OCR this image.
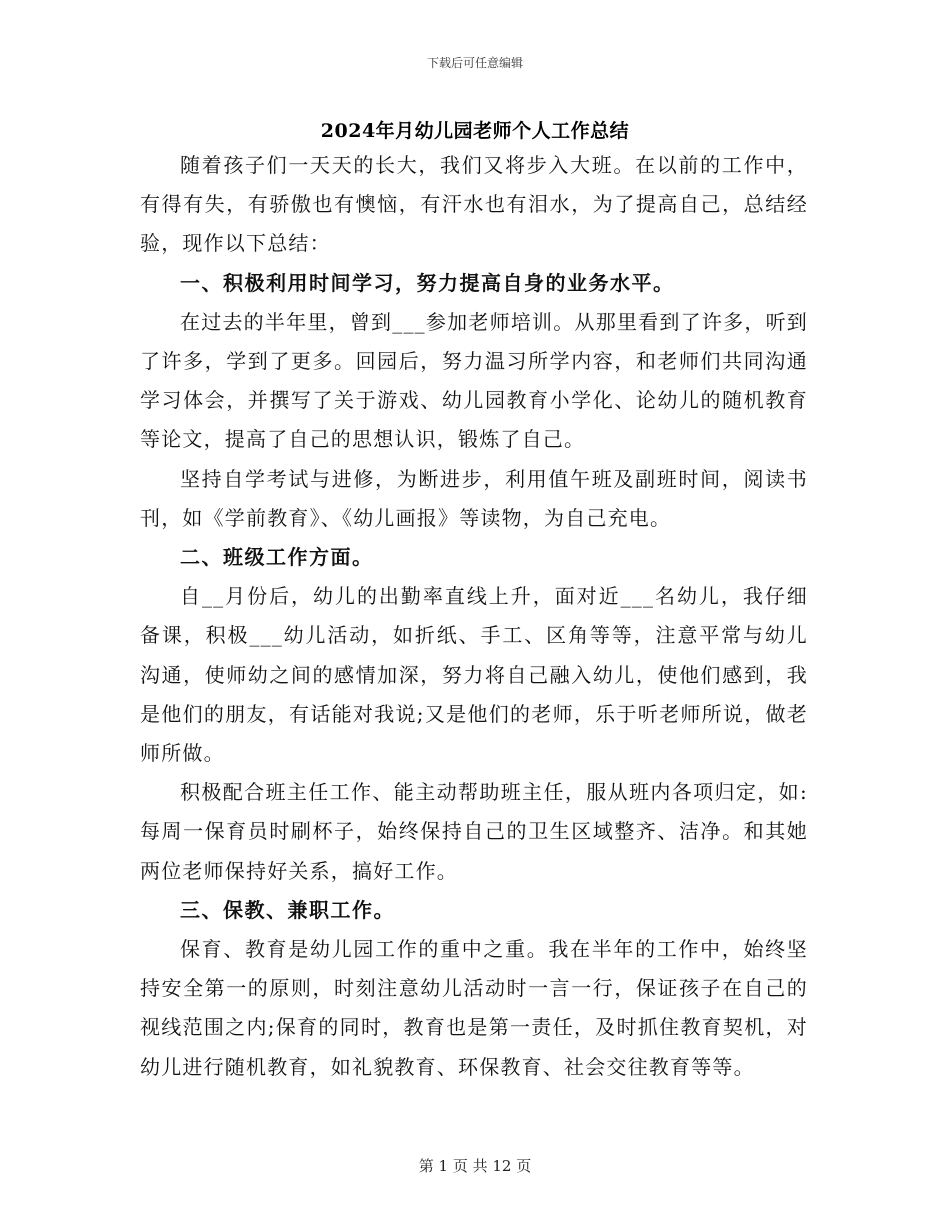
下载后可任意编辑
2024年月幼儿园老师个人工作总结

随着孩子们一天天的长大，我们又将步入大班。在以前的工作中，有得有失，有骄傲也有懊恼，有汗水也有泪水，为了提高自己，总结经验，现作以下总结：

一、积极利用时间学习，努力提高自身的业务水平。

在过去的半年里，曾到___参加老师培训。从那里看到了许多，听到了许多，学到了更多。回园后，努力温习所学内容，和老师们共同沟通学习体会，并撰写了关于游戏、幼儿园教育小学化、论幼儿的随机教育等论文，提高了自己的思想认识，锻炼了自己。

坚持自学考试与进修，为断进步，利用值午班及副班时间，阅读书刊，如《学前教育》、《幼儿画报》等读物，为自己充电。

二、班级工作方面。

自__月份后，幼儿的出勤率直线上升，面对近___名幼儿，我仔细备课，积极___幼儿活动，如折纸、手工、区角等等，注意平常与幼儿沟通，使师幼之间的感情加深，努力将自己融入幼儿，使他们感到，我是他们的朋友，有话能对我说;又是他们的老师，乐于听老师所说，做老师所做。

积极配合班主任工作、能主动帮助班主任，服从班内各项归定，如:每周一保育员时刷杯子，始终保持自己的卫生区域整齐、洁净。和其她两位老师保持好关系，搞好工作。

三、保教、兼职工作。

保育、教育是幼儿园工作的重中之重。我在半年的工作中，始终坚持安全第一的原则，时刻注意幼儿活动时一言一行，保证孩子在自己的视线范围之内;保育的同时，教育也是第一责任，及时抓住教育契机，对幼儿进行随机教育，如礼貌教育、环保教育、社会交往教育等等。

第 1 页 共 12 页
